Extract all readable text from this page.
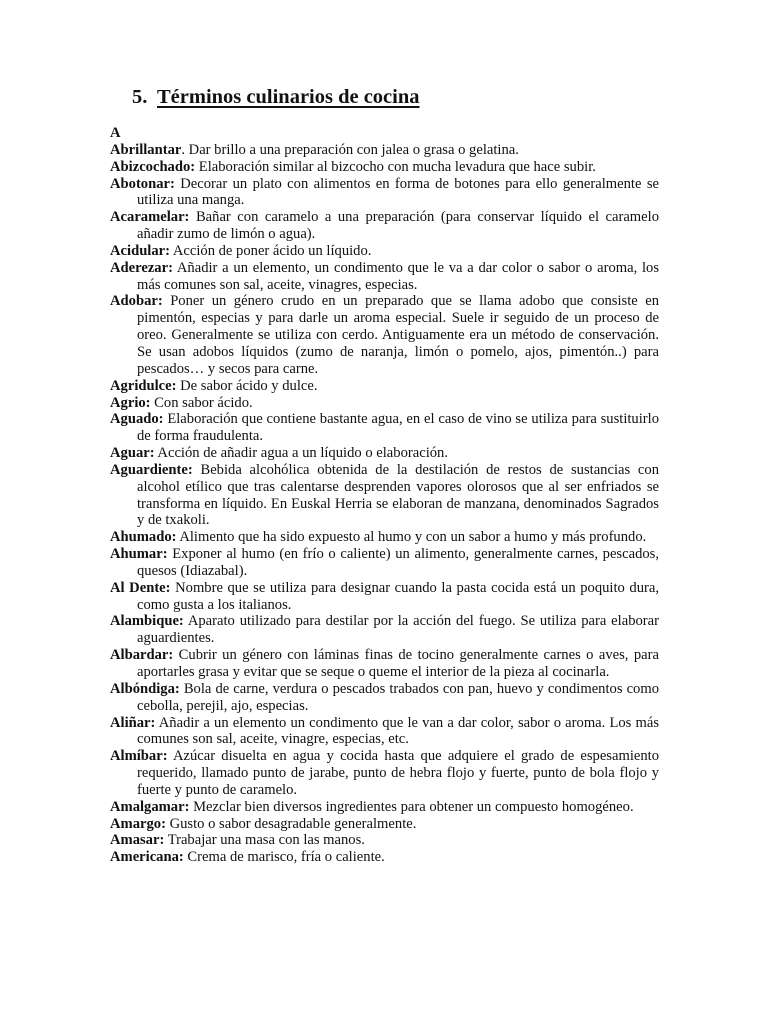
5. Términos culinarios de cocina
A
Abrillantar. Dar brillo a una preparación con jalea o grasa o gelatina.
Abizcochado: Elaboración similar al bizcocho con mucha levadura que hace subir.
Abotonar: Decorar un plato con alimentos en forma de botones para ello generalmente se utiliza una manga.
Acaramelar: Bañar con caramelo a una preparación (para conservar líquido el caramelo añadir zumo de limón o agua).
Acidular: Acción de poner ácido un líquido.
Aderezar: Añadir a un elemento, un condimento que le va a dar color o sabor o aroma, los más comunes son sal, aceite, vinagres, especias.
Adobar: Poner un género crudo en un preparado que se llama adobo que consiste en pimentón, especias y para darle un aroma especial. Suele ir seguido de un proceso de oreo. Generalmente se utiliza con cerdo. Antiguamente era un método de conservación. Se usan adobos líquidos (zumo de naranja, limón o pomelo, ajos, pimentón..) para pescados… y secos para carne.
Agridulce: De sabor ácido y dulce.
Agrio: Con sabor ácido.
Aguado: Elaboración que contiene bastante agua, en el caso de vino se utiliza para sustituirlo de forma fraudulenta.
Aguar: Acción de añadir agua a un líquido o elaboración.
Aguardiente: Bebida alcohólica obtenida de la destilación de restos de sustancias con alcohol etílico que tras calentarse desprenden vapores olorosos que al ser enfriados se transforma en líquido. En Euskal Herria se elaboran de manzana, denominados Sagrados y de txakoli.
Ahumado: Alimento que ha sido expuesto al humo y con un sabor a humo y más profundo.
Ahumar: Exponer al humo (en frío o caliente) un alimento, generalmente carnes, pescados, quesos (Idiazabal).
Al Dente: Nombre que se utiliza para designar cuando la pasta cocida está un poquito dura, como gusta a los italianos.
Alambique: Aparato utilizado para destilar por la acción del fuego. Se utiliza para elaborar aguardientes.
Albardar: Cubrir un género con láminas finas de tocino generalmente carnes o aves, para aportarles grasa y evitar que se seque o queme el interior de la pieza al cocinarla.
Albóndiga: Bola de carne, verdura o pescados trabados con pan, huevo y condimentos como cebolla, perejil, ajo, especias.
Aliñar: Añadir a un elemento un condimento que le van a dar color, sabor o aroma. Los más comunes son sal, aceite, vinagre, especias, etc.
Almíbar: Azúcar disuelta en agua y cocida hasta que adquiere el grado de espesamiento requerido, llamado punto de jarabe, punto de hebra flojo y fuerte, punto de bola flojo y fuerte y punto de caramelo.
Amalgamar: Mezclar bien diversos ingredientes para obtener un compuesto homogéneo.
Amargo: Gusto o sabor desagradable generalmente.
Amasar: Trabajar una masa con las manos.
Americana: Crema de marisco, fría o caliente.
